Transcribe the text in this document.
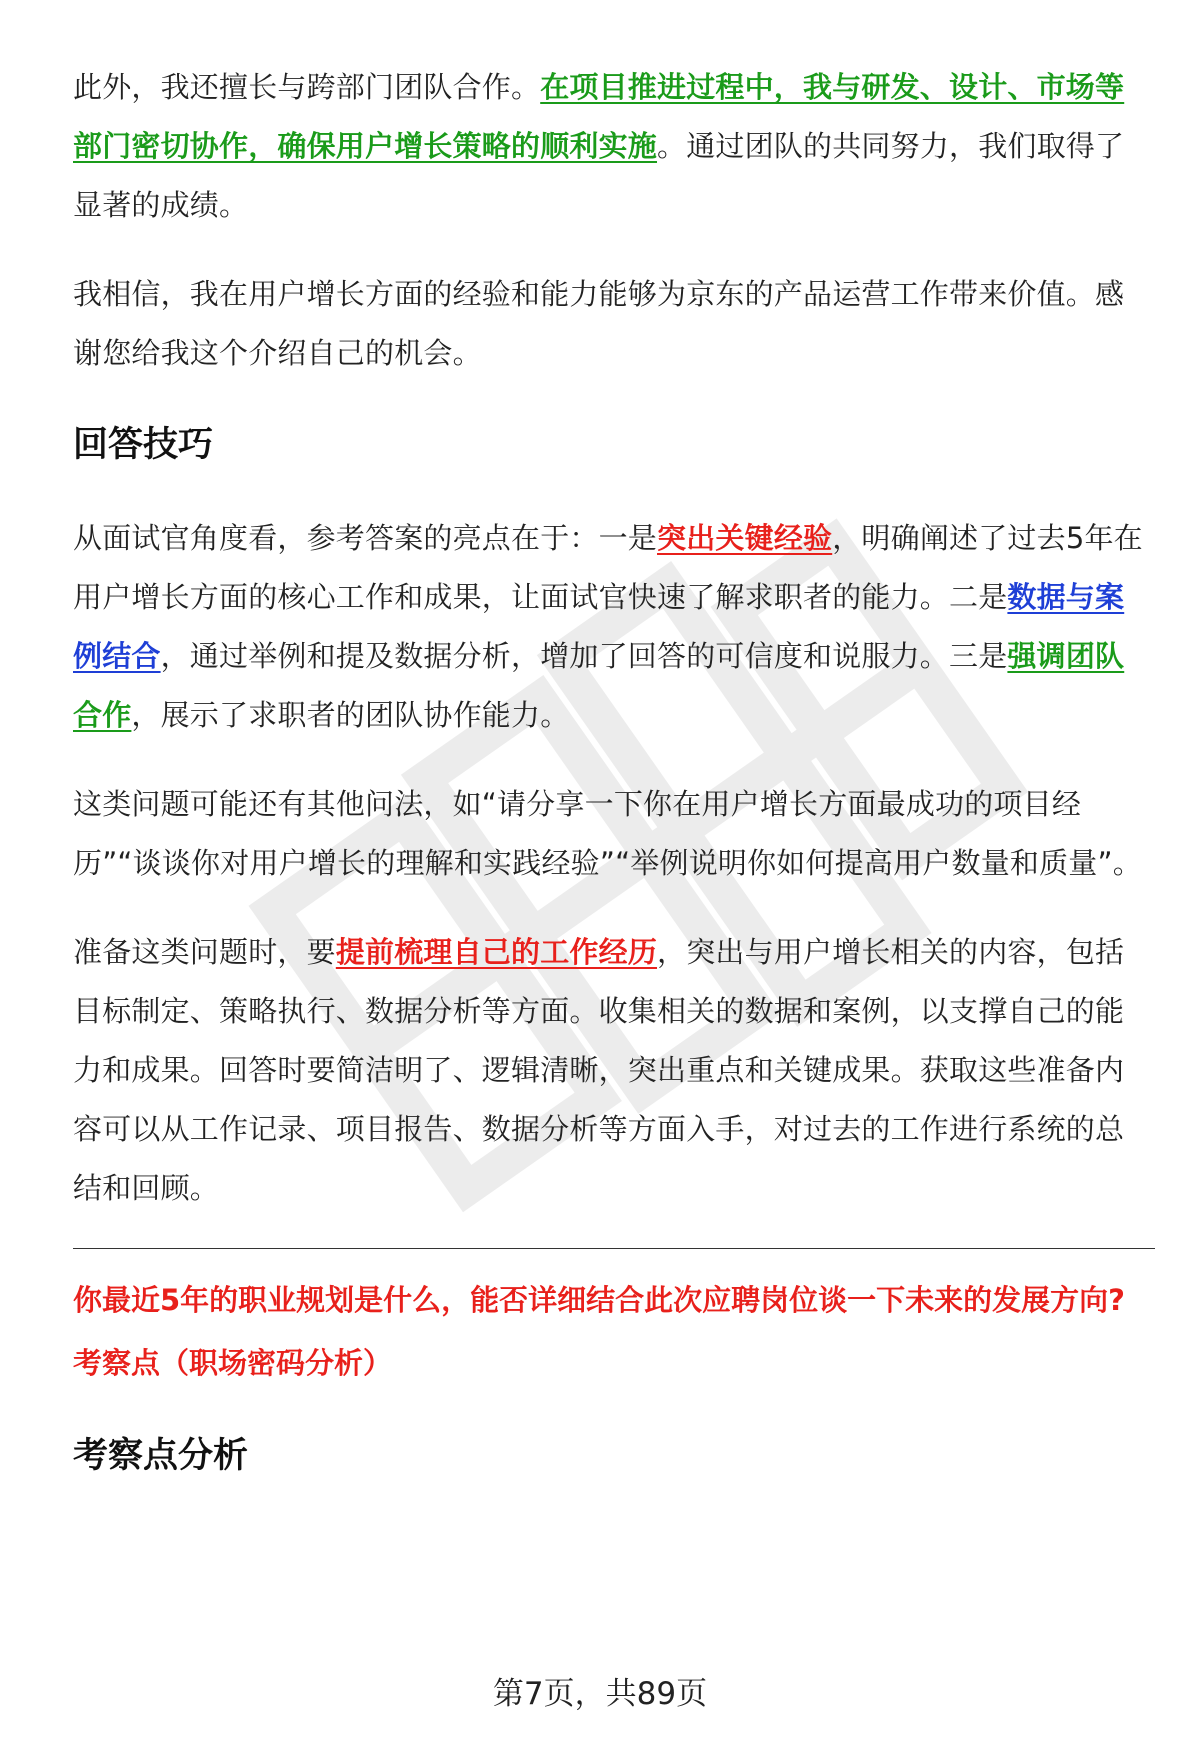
此外，我还擅长与跨部门团队合作。在项目推进过程中，我与研发、设计、市场等部门密切协作，确保用户增长策略的顺利实施。通过团队的共同努力，我们取得了显著的成绩。

我相信，我在用户增长方面的经验和能力能够为京东的产品运营工作带来价值。感谢您给我这个介绍自己的机会。

回答技巧

从面试官角度看，参考答案的亮点在于：一是突出关键经验，明确阐述了过去5年在用户增长方面的核心工作和成果，让面试官快速了解求职者的能力。二是数据与案例结合，通过举例和提及数据分析，增加了回答的可信度和说服力。三是强调团队合作，展示了求职者的团队协作能力。

这类问题可能还有其他问法，如“请分享一下你在用户增长方面最成功的项目经历”“谈谈你对用户增长的理解和实践经验”“举例说明你如何提高用户数量和质量”。

准备这类问题时，要提前梳理自己的工作经历，突出与用户增长相关的内容，包括目标制定、策略执行、数据分析等方面。收集相关的数据和案例，以支撑自己的能力和成果。回答时要简洁明了、逻辑清晰，突出重点和关键成果。获取这些准备内容可以从工作记录、项目报告、数据分析等方面入手，对过去的工作进行系统的总结和回顾。

你最近5年的职业规划是什么，能否详细结合此次应聘岗位谈一下未来的发展方向?
考察点（职场密码分析）
考察点分析
第7页，共89页
